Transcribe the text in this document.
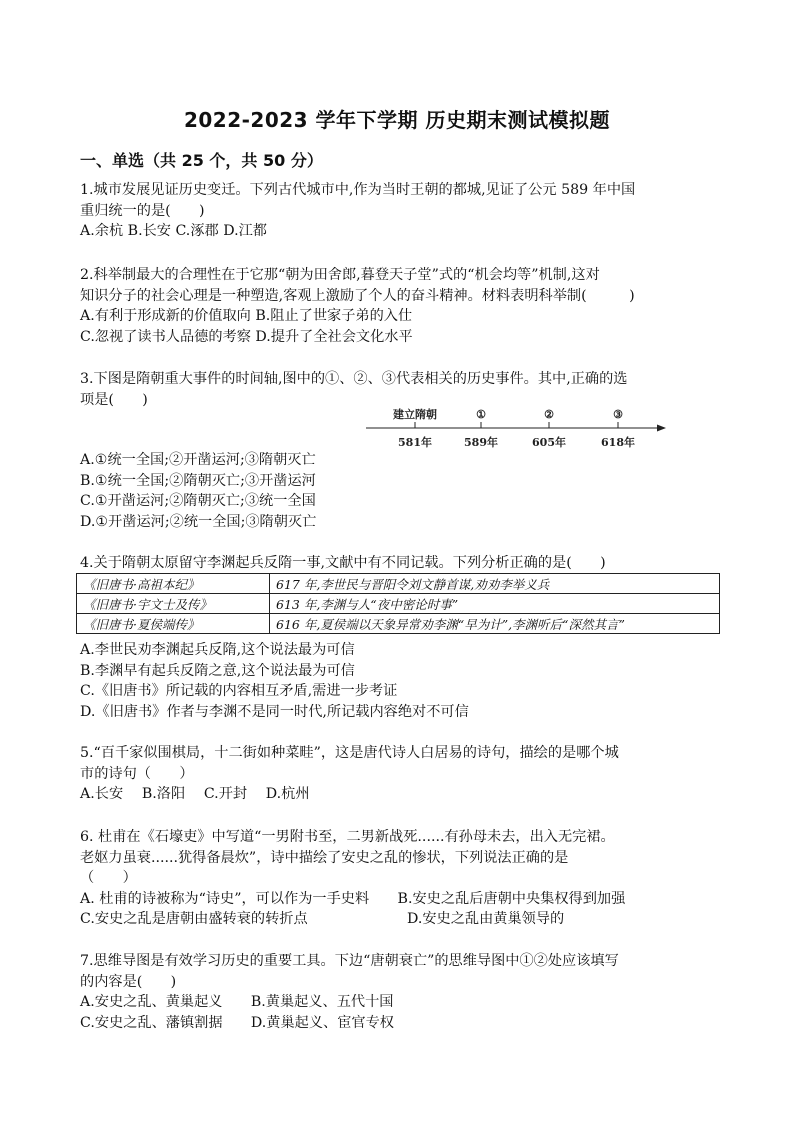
2022-2023 学年下学期 历史期末测试模拟题
一、单选（共 25 个，共 50 分）

1.城市发展见证历史变迁。下列古代城市中,作为当时王朝的都城,见证了公元 589 年中国

重归统一的是(　　)

A.余杭 B.长安 C.涿郡 D.江都

2.科举制最大的合理性在于它那“朝为田舍郎,暮登天子堂”式的“机会均等”机制,这对

知识分子的社会心理是一种塑造,客观上激励了个人的奋斗精神。材料表明科举制(　　　)

A.有利于形成新的价值取向 B.阻止了世家子弟的入仕

C.忽视了读书人品德的考察 D.提升了全社会文化水平

3.下图是隋朝重大事件的时间轴,图中的①、②、③代表相关的历史事件。其中,正确的选

项是(　　)

建立隋朝	①	②	③
581年	589年	605年	618年

A.①统一全国;②开凿运河;③隋朝灭亡

B.①统一全国;②隋朝灭亡;③开凿运河

C.①开凿运河;②隋朝灭亡;③统一全国

D.①开凿运河;②统一全国;③隋朝灭亡

4.关于隋朝太原留守李渊起兵反隋一事,文献中有不同记载。下列分析正确的是(　　)

《旧唐书·高祖本纪》	617 年,李世民与晋阳令刘文静首谋,劝劝李举义兵
《旧唐书·宇文士及传》	613 年,李渊与人“夜中密论时事”
《旧唐书·夏侯端传》	616 年,夏侯端以天象异常劝李渊“早为计”,李渊听后“深然其言”

A.李世民劝李渊起兵反隋,这个说法最为可信

B.李渊早有起兵反隋之意,这个说法最为可信

C.《旧唐书》所记载的内容相互矛盾,需进一步考证

D.《旧唐书》作者与李渊不是同一时代,所记载内容绝对不可信

5.“百千家似围棋局，十二街如种菜畦”，这是唐代诗人白居易的诗句，描绘的是哪个城

市的诗句（　　）

A.长安　 B.洛阳　 C.开封　 D.杭州

6. 杜甫在《石壕吏》中写道“一男附书至，二男新战死......有孙母未去，出入无完裙。

老妪力虽衰......犹得备晨炊”，诗中描绘了安史之乱的惨状，下列说法正确的是

（　　）

A. 杜甫的诗被称为“诗史”，可以作为一手史料　　B.安史之乱后唐朝中央集权得到加强

C.安史之乱是唐朝由盛转衰的转折点　　　　　　　D.安史之乱由黄巢领导的

7.思维导图是有效学习历史的重要工具。下边“唐朝衰亡”的思维导图中①②处应该填写

的内容是(　　)

A.安史之乱、黄巢起义　　B.黄巢起义、五代十国

C.安史之乱、藩镇割据　　D.黄巢起义、宦官专权
